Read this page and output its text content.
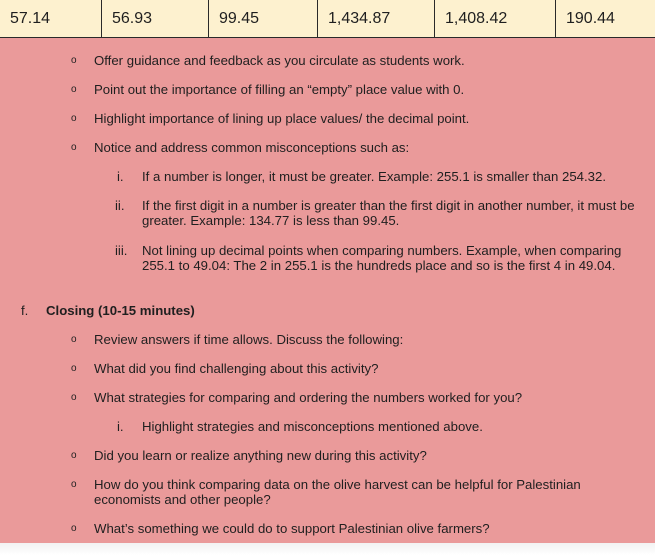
57.14	56.93	99.45	1,434.87	1,408.42	190.44
o Offer guidance and feedback as you circulate as students work.
o Point out the importance of filling an “empty” place value with 0.
o Highlight importance of lining up place values/ the decimal point.
o Notice and address common misconceptions such as:
i. If a number is longer, it must be greater. Example: 255.1 is smaller than 254.32.
ii. If the first digit in a number is greater than the first digit in another number, it must be greater. Example: 134.77 is less than 99.45.
iii. Not lining up decimal points when comparing numbers. Example, when comparing 255.1 to 49.04: The 2 in 255.1 is the hundreds place and so is the first 4 in 49.04.
f. Closing (10-15 minutes)
o Review answers if time allows. Discuss the following:
o What did you find challenging about this activity?
o What strategies for comparing and ordering the numbers worked for you?
i. Highlight strategies and misconceptions mentioned above.
o Did you learn or realize anything new during this activity?
o How do you think comparing data on the olive harvest can be helpful for Palestinian economists and other people?
o What’s something we could do to support Palestinian olive farmers?
